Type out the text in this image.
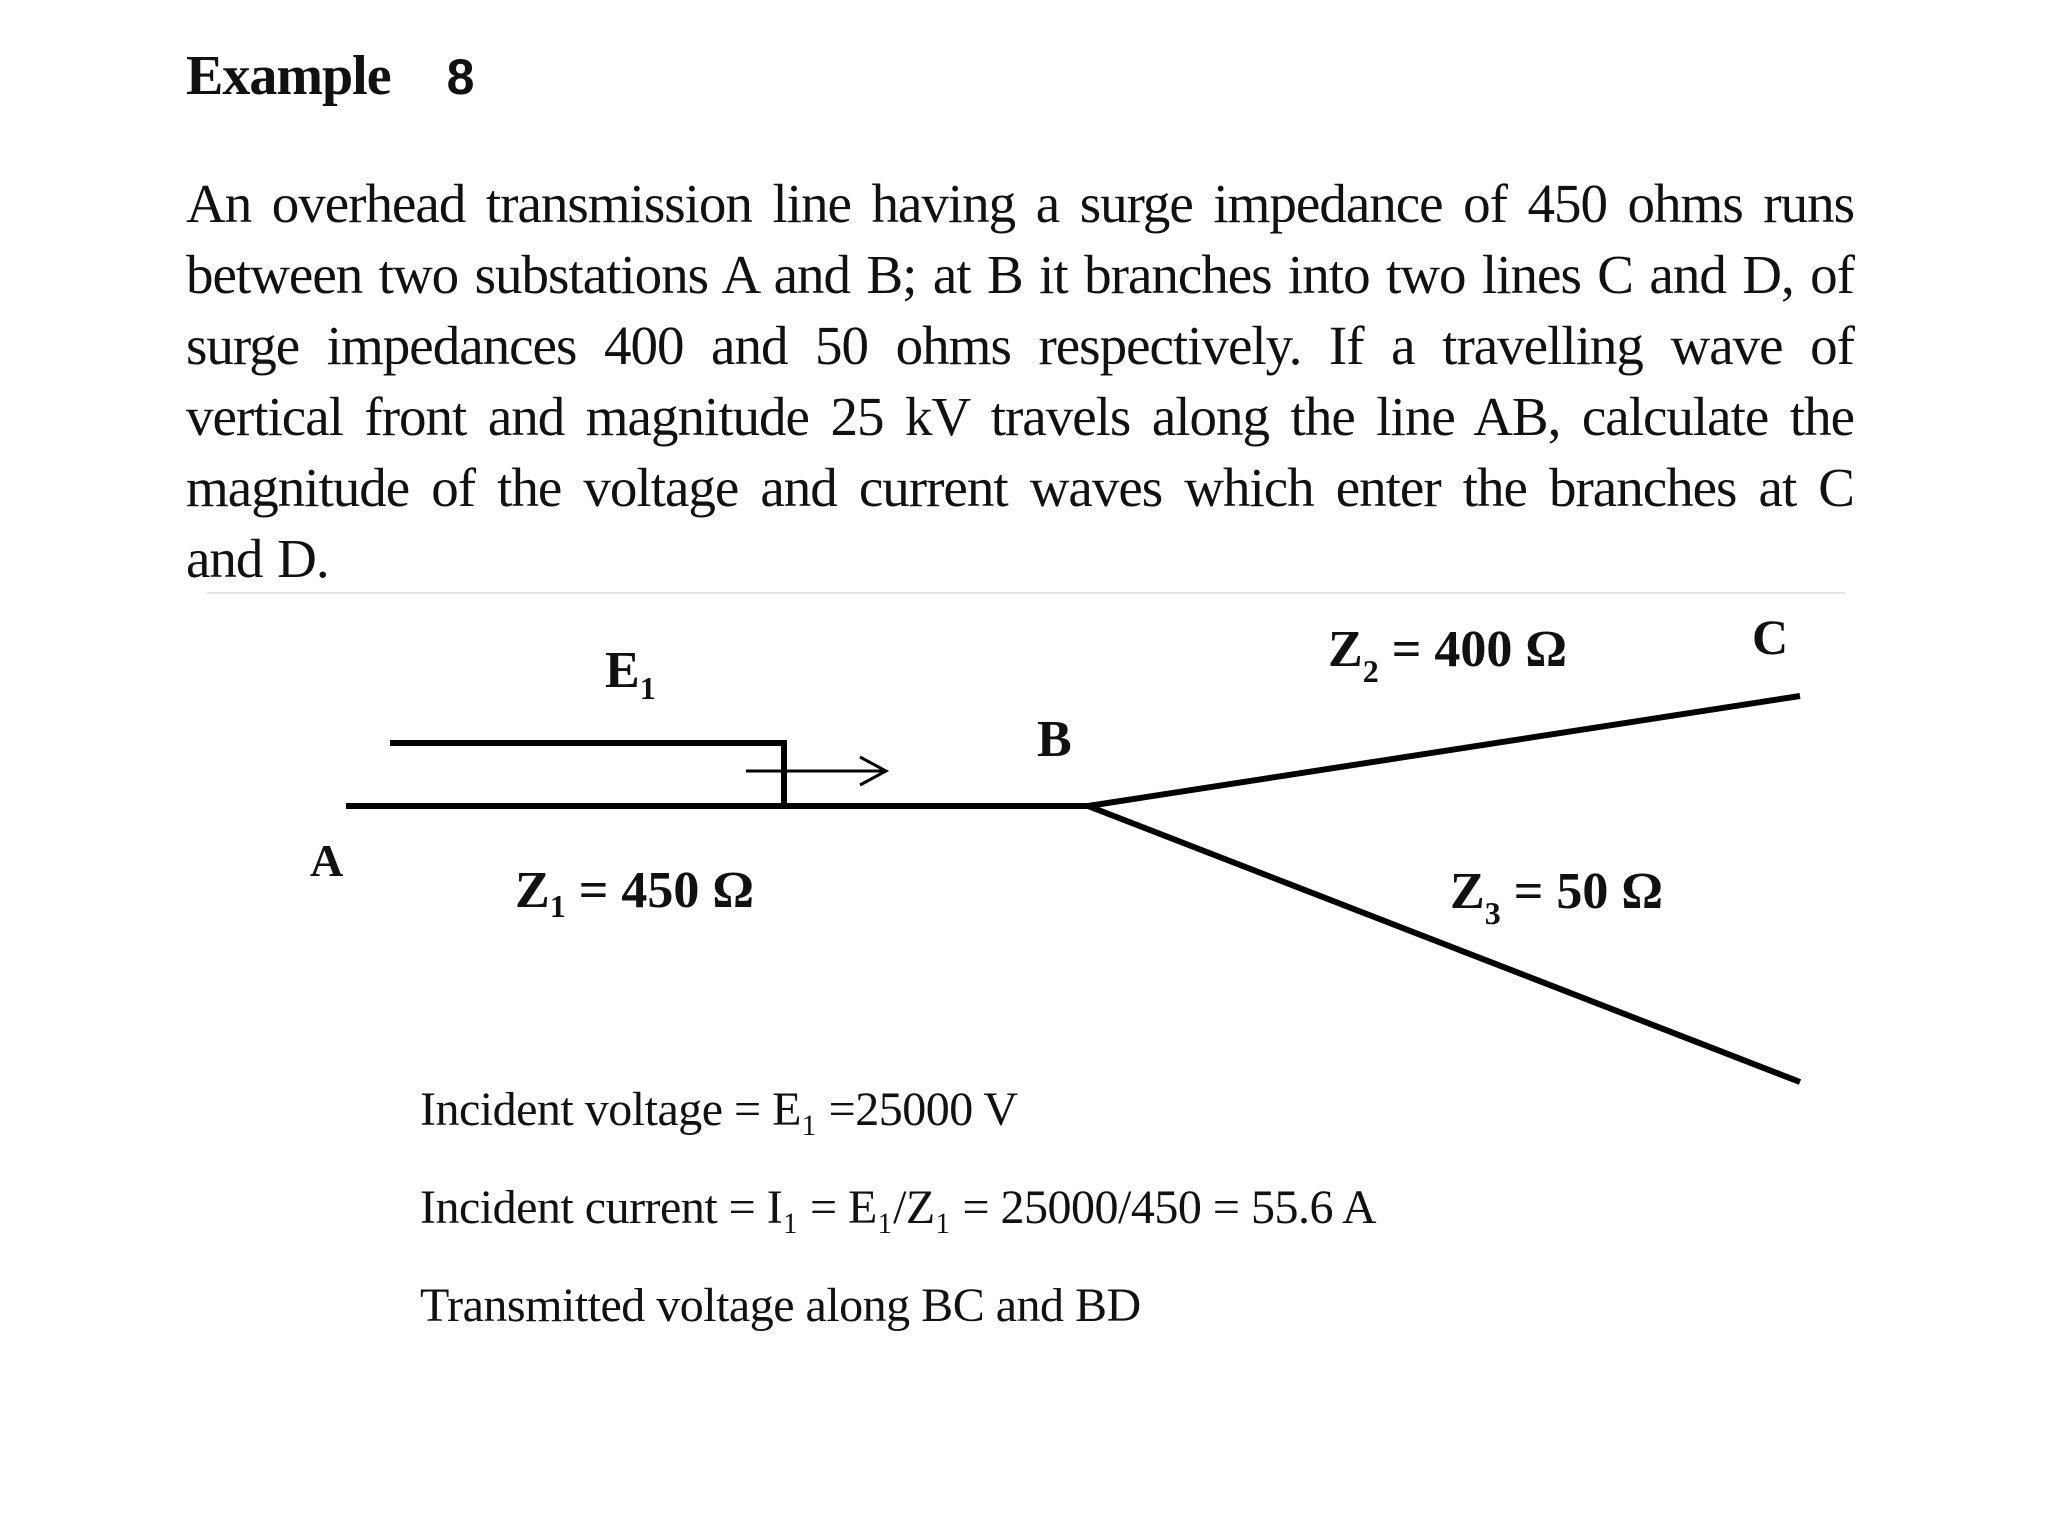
Example 8

An overhead transmission line having a surge impedance of 450 ohms runs between two substations A and B; at B it branches into two lines C and D, of surge impedances 400 and 50 ohms respectively. If a travelling wave of vertical front and magnitude 25 kV travels along the line AB, calculate the magnitude of the voltage and current waves which enter the branches at C and D.

A
B
C
$E_1$
Z1 = 450 Ω
$Z_2 = 400$ Ω
$Z_3 = 50$ Ω
Incident voltage = E₁ =25000 V
Incident current = I₁ = E₁/Z₁ = 25000/450 = 55.6 A
Transmitted voltage along BC and BD
